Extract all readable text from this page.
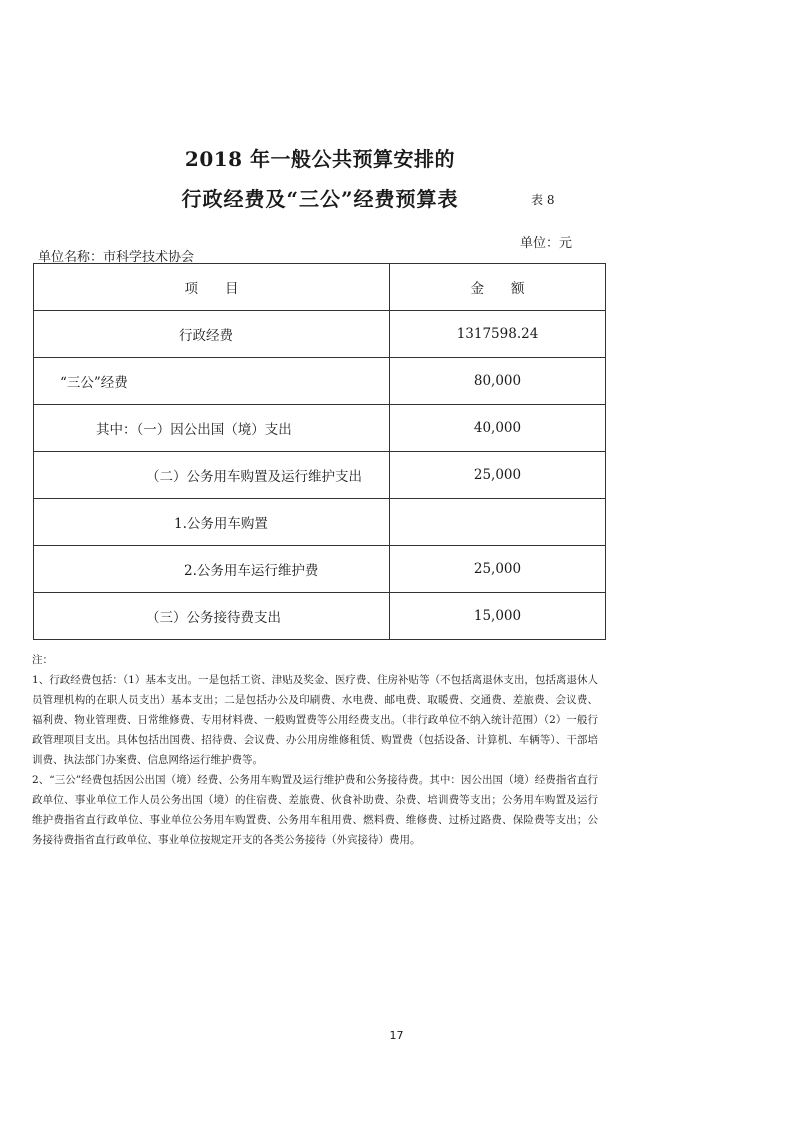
2018 年一般公共预算安排的
行政经费及“三公”经费预算表	表 8
单位：元
单位名称：市科学技术协会
项　　目	金　　额
行政经费	1317598.24
“三公”经费	80,000
其中：（一）因公出国（境）支出	40,000
（二）公务用车购置及运行维护支出	25,000
1.公务用车购置	
2.公务用车运行维护费	25,000
（三）公务接待费支出	15,000

注：

1、行政经费包括：（1）基本支出。一是包括工资、津贴及奖金、医疗费、住房补贴等（不包括离退休支出，包括离退休人员管理机构的在职人员支出）基本支出；二是包括办公及印刷费、水电费、邮电费、取暖费、交通费、差旅费、会议费、福利费、物业管理费、日常维修费、专用材料费、一般购置费等公用经费支出。（非行政单位不纳入统计范围）（2）一般行政管理项目支出。具体包括出国费、招待费、会议费、办公用房维修租赁、购置费（包括设备、计算机、车辆等）、干部培训费、执法部门办案费、信息网络运行维护费等。

2、“三公”经费包括因公出国（境）经费、公务用车购置及运行维护费和公务接待费。其中：因公出国（境）经费指省直行政单位、事业单位工作人员公务出国（境）的住宿费、差旅费、伙食补助费、杂费、培训费等支出；公务用车购置及运行维护费指省直行政单位、事业单位公务用车购置费、公务用车租用费、燃料费、维修费、过桥过路费、保险费等支出；公务接待费指省直行政单位、事业单位按规定开支的各类公务接待（外宾接待）费用。

17
